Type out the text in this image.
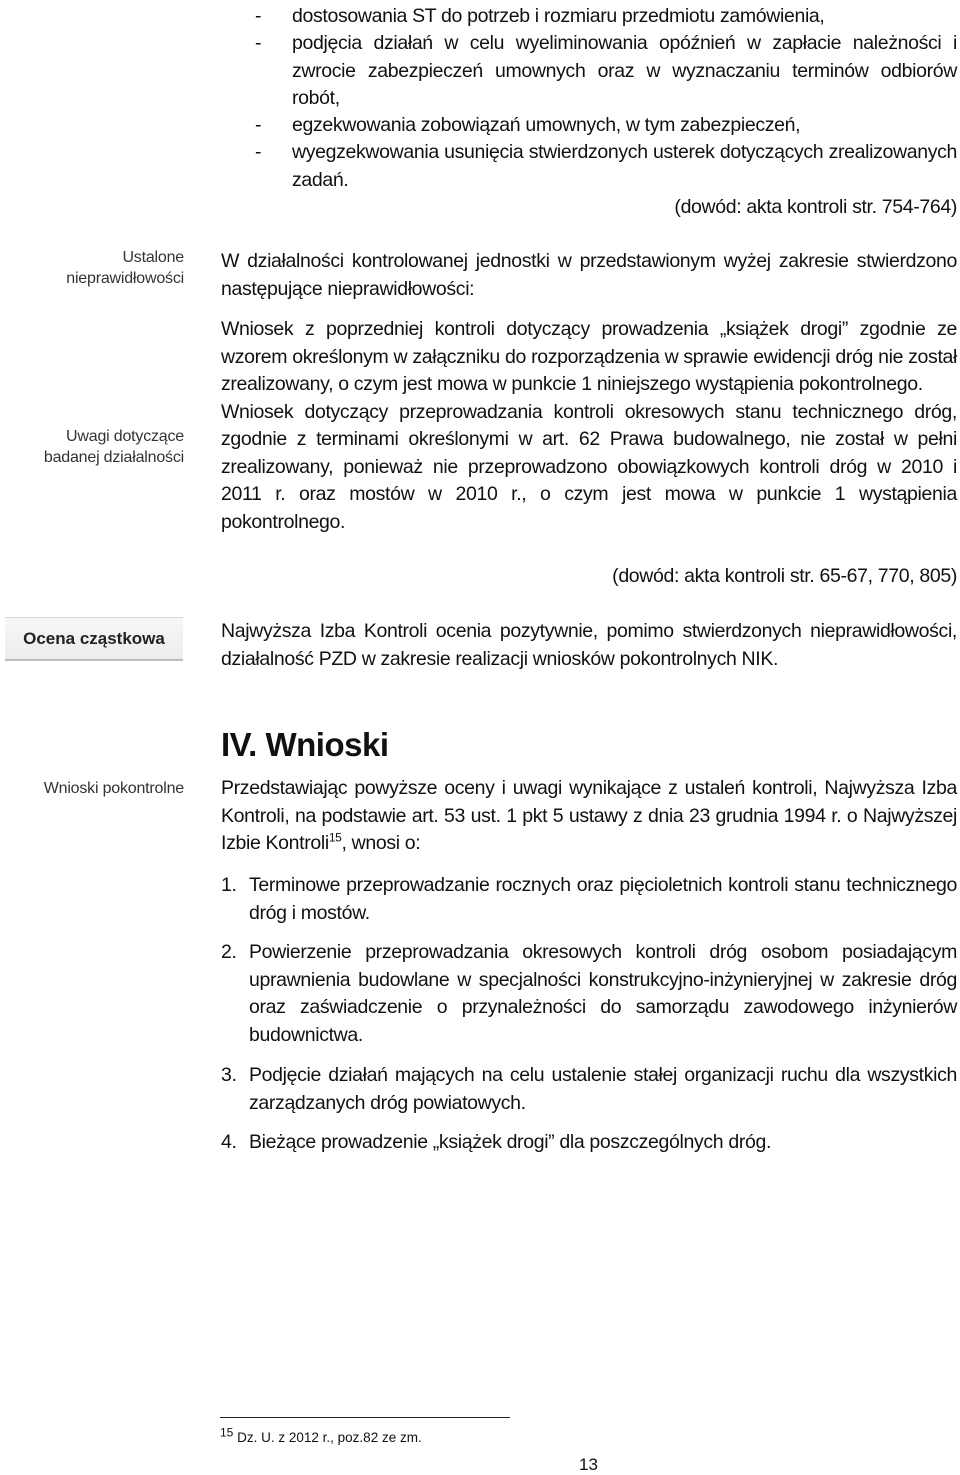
- dostosowania ST do potrzeb i rozmiaru przedmiotu zamówienia,
- podjęcia działań w celu wyeliminowania opóźnień w zapłacie należności i zwrocie zabezpieczeń umownych oraz w wyznaczaniu terminów odbiorów robót,
- egzekwowania zobowiązań umownych, w tym zabezpieczeń,
- wyegzekwowania usunięcia stwierdzonych usterek dotyczących zrealizowanych zadań.

(dowód: akta kontroli str. 754-764)

Ustalone nieprawidłowości
Uwagi dotyczące badanej działalności
Ocena cząstkowa
Wnioski pokontrolne

W działalności kontrolowanej jednostki w przedstawionym wyżej zakresie stwierdzono następujące nieprawidłowości:

Wniosek z poprzedniej kontroli dotyczący prowadzenia „książek drogi” zgodnie ze wzorem określonym w załączniku do rozporządzenia w sprawie ewidencji dróg nie został zrealizowany, o czym jest mowa w punkcie 1 niniejszego wystąpienia pokontrolnego.

Wniosek dotyczący przeprowadzania kontroli okresowych stanu technicznego dróg, zgodnie z terminami określonymi w art. 62 Prawa budowalnego, nie został w pełni zrealizowany, ponieważ nie przeprowadzono obowiązkowych kontroli dróg w 2010 i 2011 r. oraz mostów w 2010 r., o czym jest mowa w punkcie 1 wystąpienia pokontrolnego.

(dowód: akta kontroli str. 65-67, 770, 805)

Najwyższa Izba Kontroli ocenia pozytywnie, pomimo stwierdzonych nieprawidłowości, działalność PZD w zakresie realizacji wniosków pokontrolnych NIK.

IV. Wnioski

Przedstawiając powyższe oceny i uwagi wynikające z ustaleń kontroli, Najwyższa Izba Kontroli, na podstawie art. 53 ust. 1 pkt 5 ustawy z dnia 23 grudnia 1994 r. o Najwyższej Izbie Kontroli$^{15}$, wnosi o:

1. Terminowe przeprowadzanie rocznych oraz pięcioletnich kontroli stanu technicznego dróg i mostów.
2. Powierzenie przeprowadzania okresowych kontroli dróg osobom posiadającym uprawnienia budowlane w specjalności konstrukcyjno-inżynieryjnej w zakresie dróg oraz zaświadczenie o przynależności do samorządu zawodowego inżynierów budownictwa.
3. Podjęcie działań mających na celu ustalenie stałej organizacji ruchu dla wszystkich zarządzanych dróg powiatowych.
4. Bieżące prowadzenie „książek drogi” dla poszczególnych dróg.
$^{15}$ Dz. U. z 2012 r., poz.82 ze zm.
13
